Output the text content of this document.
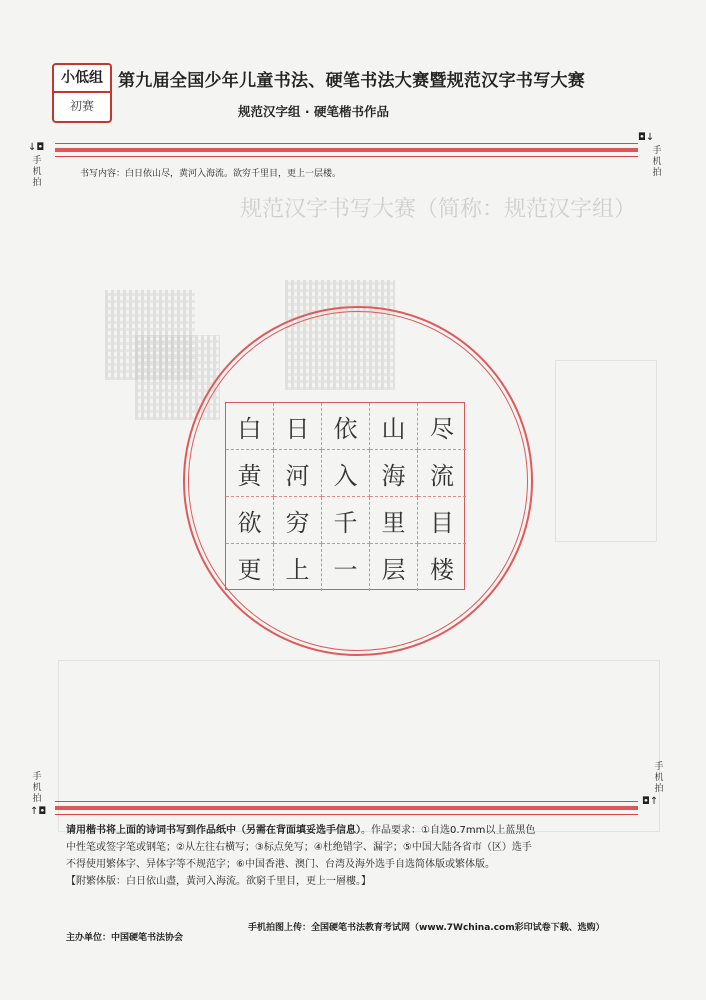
小低组
初赛
第九届全国少年儿童书法、硬笔书法大赛暨规范汉字书写大赛
规范汉字组 · 硬笔楷书作品
↓◘
手机拍
◘↓
手机拍
书写内容：白日依山尽，黄河入海流。欲穷千里目，更上一层楼。
规范汉字书写大赛（简称：规范汉字组）
白	日	依	山	尽
黄	河	入	海	流
欲	穷	千	里	目
更	上	一	层	楼
手机拍
↑◘
手机拍
◘↑
请用楷书将上面的诗词书写到作品纸中（另需在背面填妥选手信息）。作品要求：①自选0.7mm以上蓝黑色
中性笔或签字笔或钢笔；②从左往右横写；③标点免写；④杜绝错字、漏字；⑤中国大陆各省市（区）选手
不得使用繁体字、异体字等不规范字；⑥中国香港、澳门、台湾及海外选手自选简体版或繁体版。
【附繁体版：白日依山盡，黃河入海流。欲窮千里目，更上一層樓。】
主办单位：中国硬笔书法协会
手机拍图上传：全国硬笔书法教育考试网（www.7Wchina.com彩印试卷下载、选购）
